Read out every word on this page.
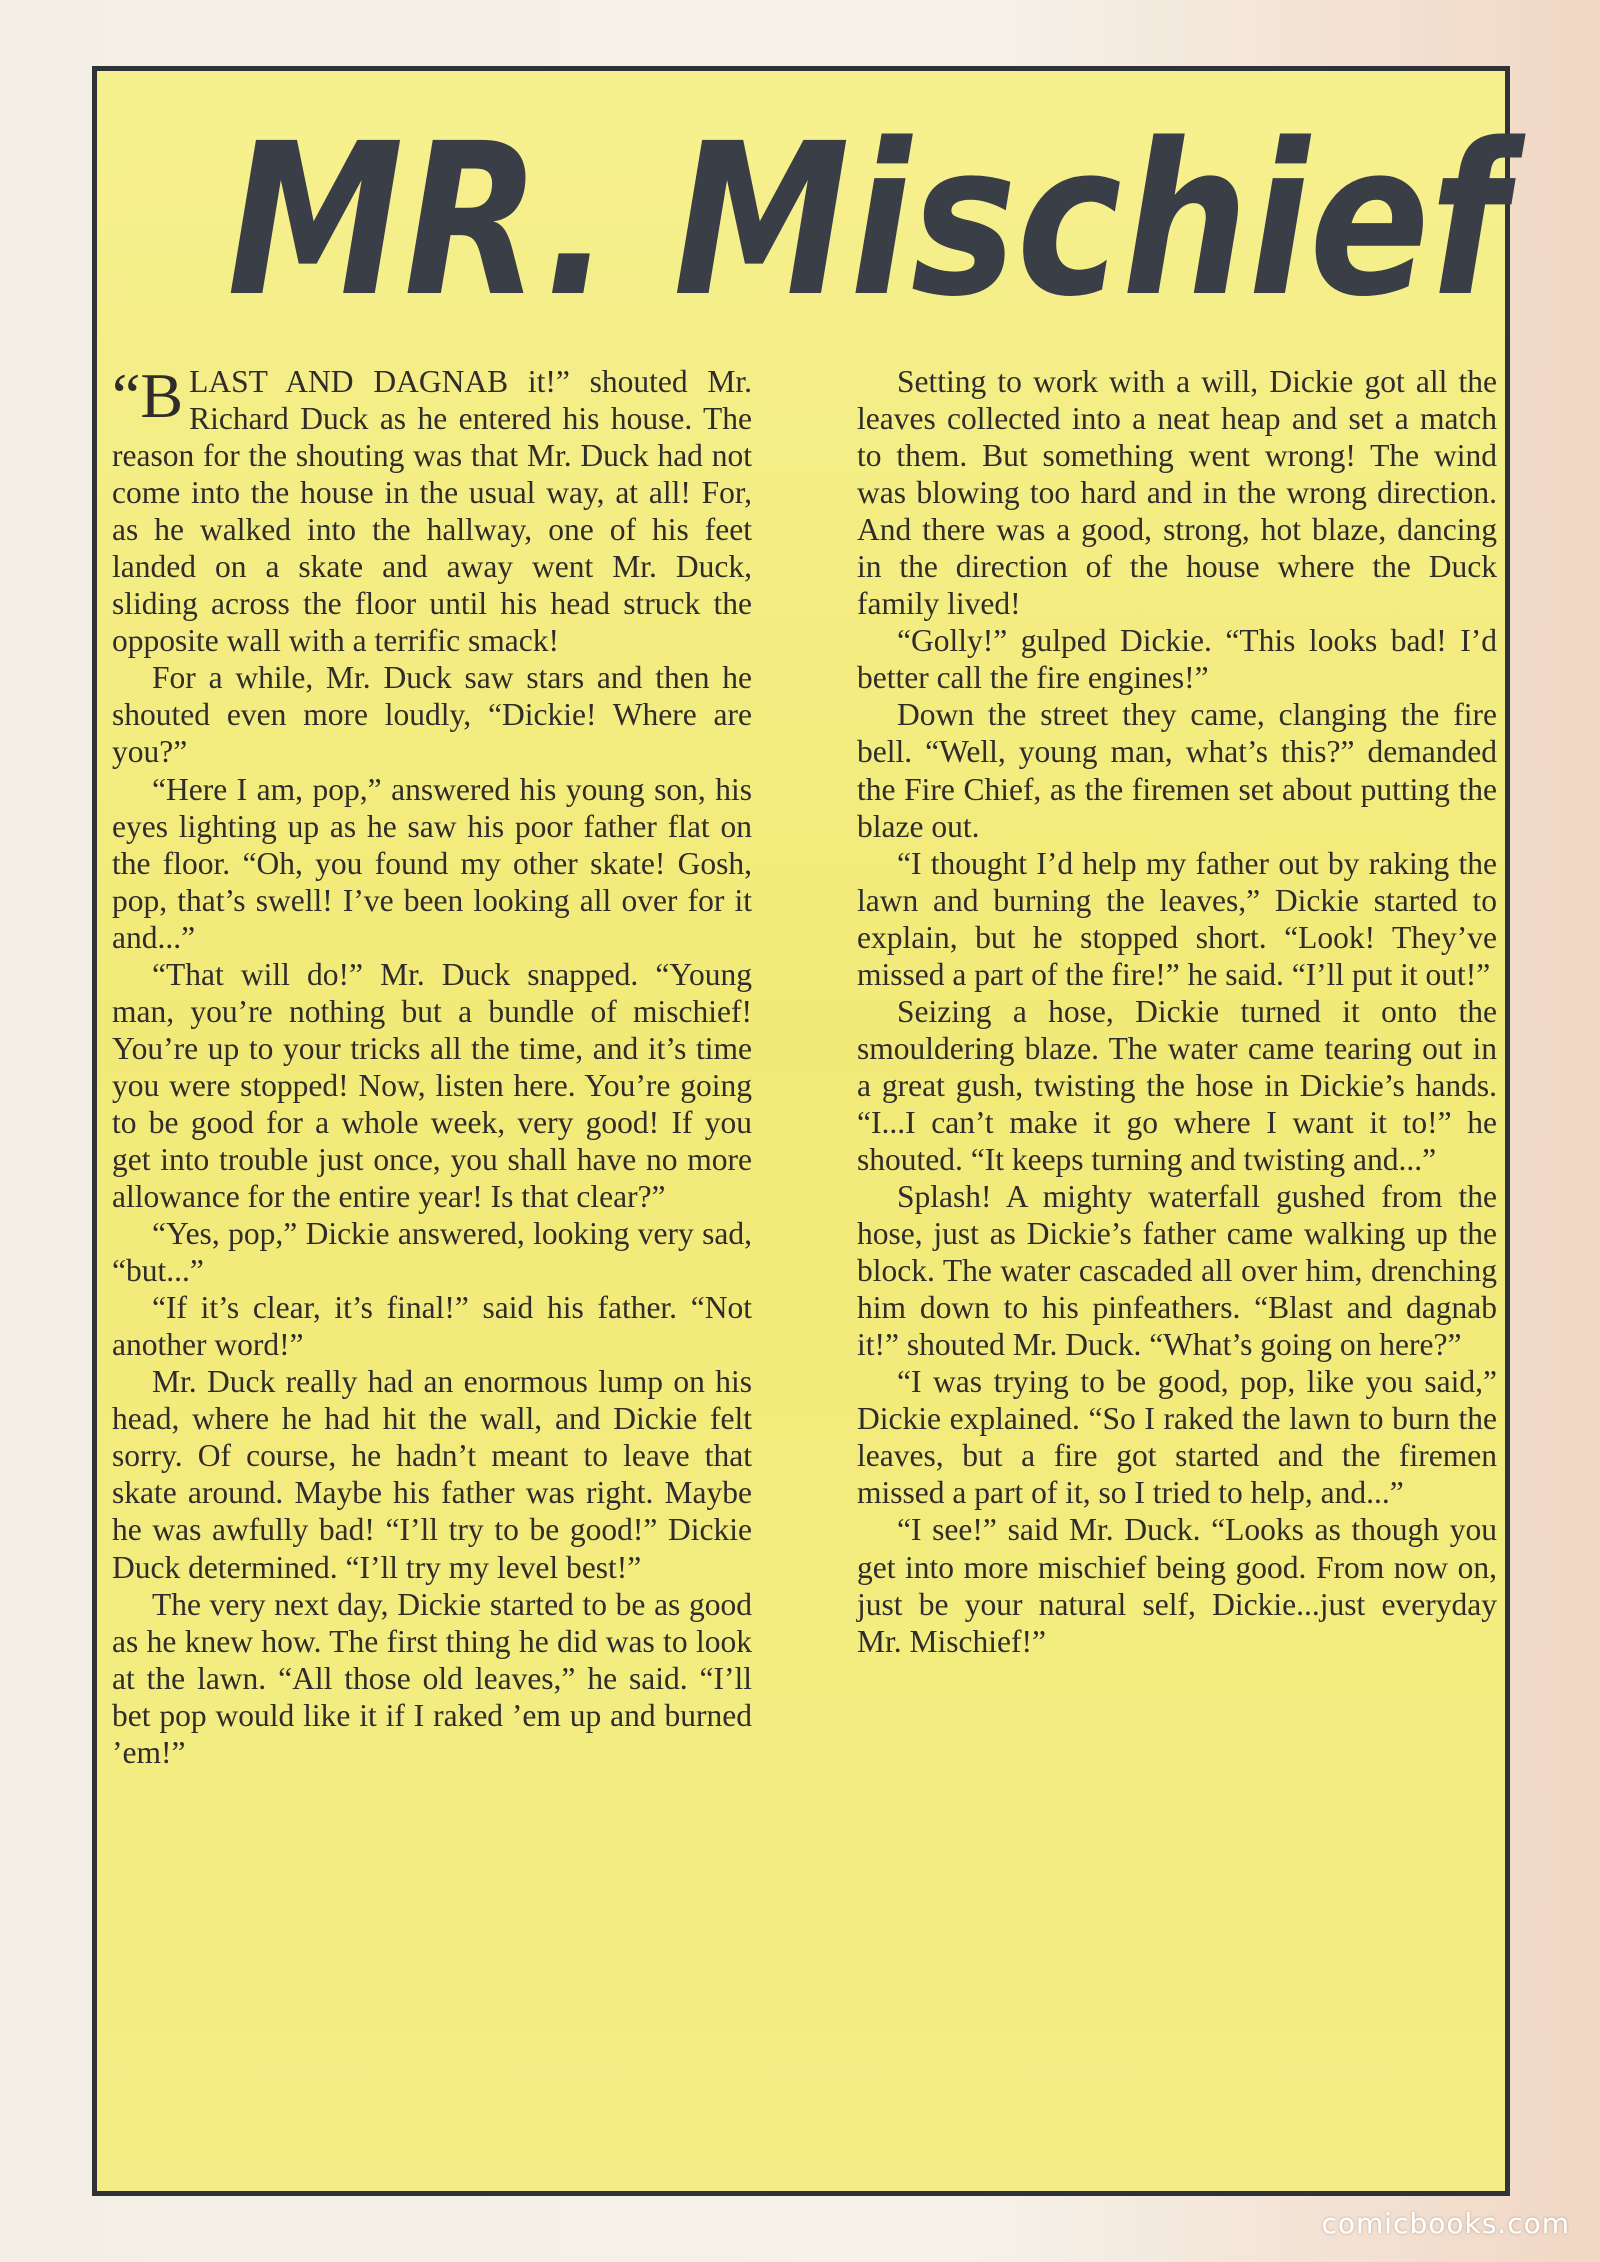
MR. Mischief

“BLAST AND DAGNAB it!” shouted Mr. Richard Duck as he entered his house. The reason for the shouting was that Mr. Duck had not come into the house in the usual way, at all! For, as he walked into the hallway, one of his feet landed on a skate and away went Mr. Duck, sliding across the floor until his head struck the opposite wall with a terrific smack!

For a while, Mr. Duck saw stars and then he shouted even more loudly, “Dickie! Where are you?”

“Here I am, pop,” answered his young son, his eyes lighting up as he saw his poor father flat on the floor. “Oh, you found my other skate! Gosh, pop, that’s swell! I’ve been looking all over for it and...”

“That will do!” Mr. Duck snapped. “Young man, you’re nothing but a bundle of mischief! You’re up to your tricks all the time, and it’s time you were stopped! Now, listen here. You’re going to be good for a whole week, very good! If you get into trouble just once, you shall have no more allowance for the entire year! Is that clear?”

“Yes, pop,” Dickie answered, looking very sad, “but...”

“If it’s clear, it’s final!” said his father. “Not another word!”

Mr. Duck really had an enormous lump on his head, where he had hit the wall, and Dickie felt sorry. Of course, he hadn’t meant to leave that skate around. Maybe his father was right. Maybe he was awfully bad! “I’ll try to be good!” Dickie Duck determined. “I’ll try my level best!”

The very next day, Dickie started to be as good as he knew how. The first thing he did was to look at the lawn. “All those old leaves,” he said. “I’ll bet pop would like it if I raked ’em up and burned ’em!”

Setting to work with a will, Dickie got all the leaves collected into a neat heap and set a match to them. But something went wrong! The wind was blowing too hard and in the wrong direction. And there was a good, strong, hot blaze, dancing in the direction of the house where the Duck family lived!

“Golly!” gulped Dickie. “This looks bad! I’d better call the fire engines!”

Down the street they came, clanging the fire bell. “Well, young man, what’s this?” demanded the Fire Chief, as the firemen set about putting the blaze out.

“I thought I’d help my father out by raking the lawn and burning the leaves,” Dickie started to explain, but he stopped short. “Look! They’ve missed a part of the fire!” he said. “I’ll put it out!”

Seizing a hose, Dickie turned it onto the smouldering blaze. The water came tearing out in a great gush, twisting the hose in Dickie’s hands. “I...I can’t make it go where I want it to!” he shouted. “It keeps turning and twisting and...”

Splash! A mighty waterfall gushed from the hose, just as Dickie’s father came walking up the block. The water cascaded all over him, drenching him down to his pinfeathers. “Blast and dagnab it!” shouted Mr. Duck. “What’s going on here?”

“I was trying to be good, pop, like you said,” Dickie explained. “So I raked the lawn to burn the leaves, but a fire got started and the firemen missed a part of it, so I tried to help, and...”

“I see!” said Mr. Duck. “Looks as though you get into more mischief being good. From now on, just be your natural self, Dickie...just everyday Mr. Mischief!”

comicbooks.com
